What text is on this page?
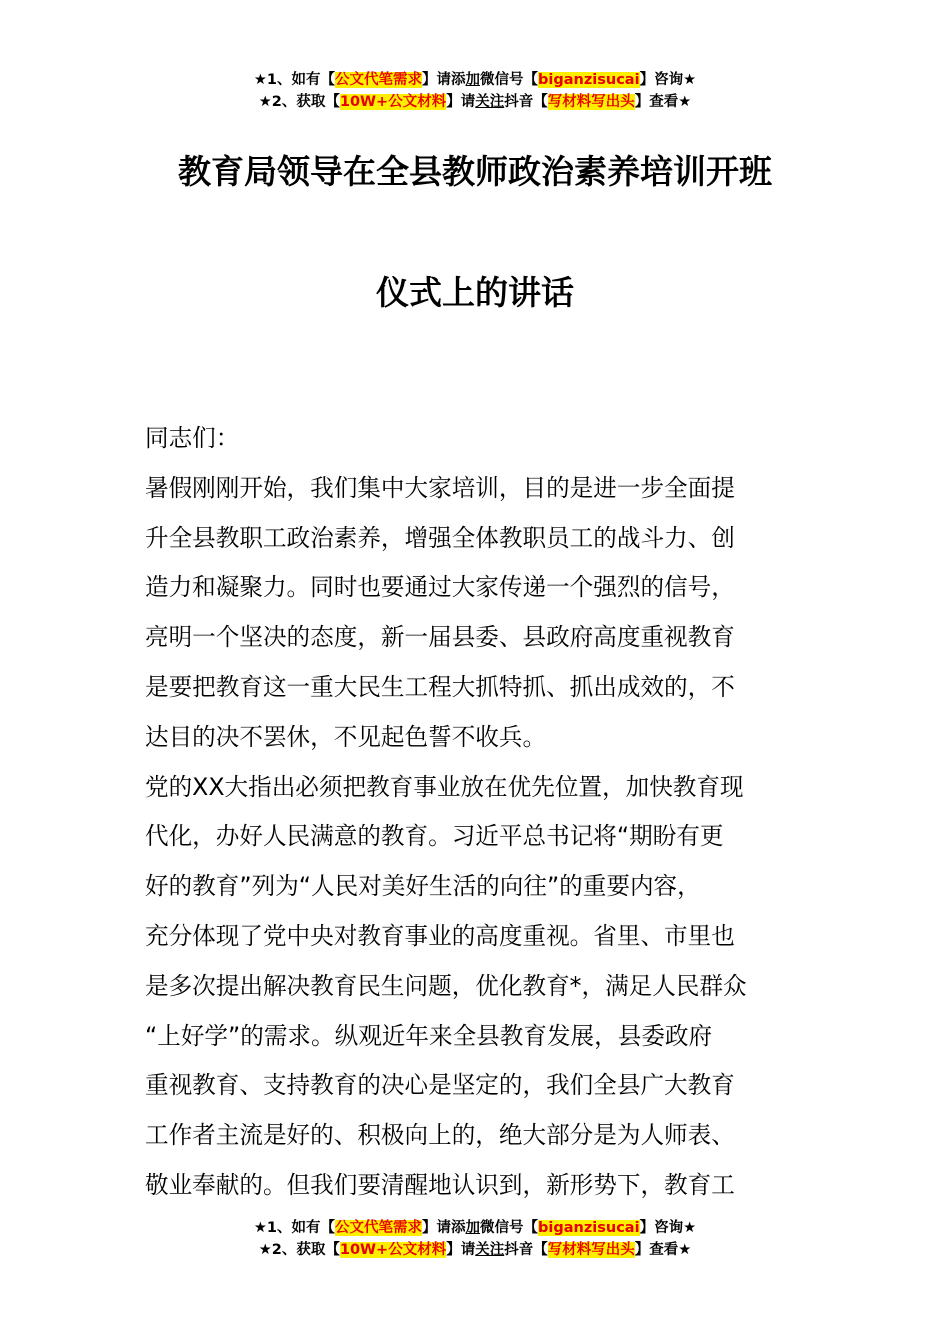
★1、如有【公文代笔需求】请添加微信号【biganzisucai】咨询★
★2、获取【10W+公文材料】请关注抖音【写材料写出头】查看★
教育局领导在全县教师政治素养培训开班
仪式上的讲话
同志们：
暑假刚刚开始，我们集中大家培训，目的是进一步全面提
升全县教职工政治素养，增强全体教职员工的战斗力、创
造力和凝聚力。同时也要通过大家传递一个强烈的信号，
亮明一个坚决的态度，新一届县委、县政府高度重视教育
是要把教育这一重大民生工程大抓特抓、抓出成效的，不
达目的决不罢休，不见起色誓不收兵。
党的XX大指出必须把教育事业放在优先位置，加快教育现
代化，办好人民满意的教育。习近平总书记将“期盼有更
好的教育”列为“人民对美好生活的向往”的重要内容，
充分体现了党中央对教育事业的高度重视。省里、市里也
是多次提出解决教育民生问题，优化教育*，满足人民群众
“上好学”的需求。纵观近年来全县教育发展，县委政府
重视教育、支持教育的决心是坚定的，我们全县广大教育
工作者主流是好的、积极向上的，绝大部分是为人师表、
敬业奉献的。但我们要清醒地认识到，新形势下，教育工
★1、如有【公文代笔需求】请添加微信号【biganzisucai】咨询★
★2、获取【10W+公文材料】请关注抖音【写材料写出头】查看★
